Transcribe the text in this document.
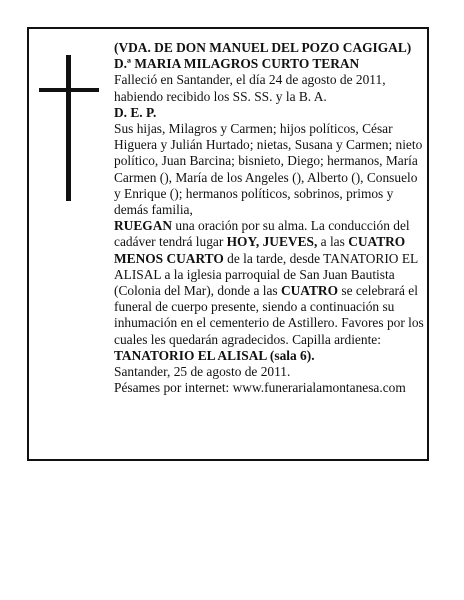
(VDA. DE DON MANUEL DEL POZO CAGIGAL)

D.ª MARIA MILAGROS CURTO TERAN

Falleció en Santander, el día 24 de agosto de 2011, habiendo recibido los SS. SS. y la B. A.

D. E. P.

Sus hijas, Milagros y Carmen; hijos políticos, César Higuera y Julián Hurtado; nietas, Susana y Carmen; nieto político, Juan Barcina; bisnieto, Diego; hermanos, María Carmen (), María de los Angeles (), Alberto (), Consuelo y Enrique (); hermanos políticos, sobrinos, primos y demás familia,

RUEGAN una oración por su alma. La conducción del cadáver tendrá lugar HOY, JUEVES, a las CUATRO MENOS CUARTO de la tarde, desde TANATORIO EL ALISAL a la iglesia parroquial de San Juan Bautista (Colonia del Mar), donde a las CUATRO se celebrará el funeral de cuerpo presente, siendo a continuación su inhumación en el cementerio de Astillero. Favores por los cuales les quedarán agradecidos. Capilla ardiente:

TANATORIO EL ALISAL (sala 6).

Santander, 25 de agosto de 2011.

Pésames por internet: www.funerarialamontanesa.com
